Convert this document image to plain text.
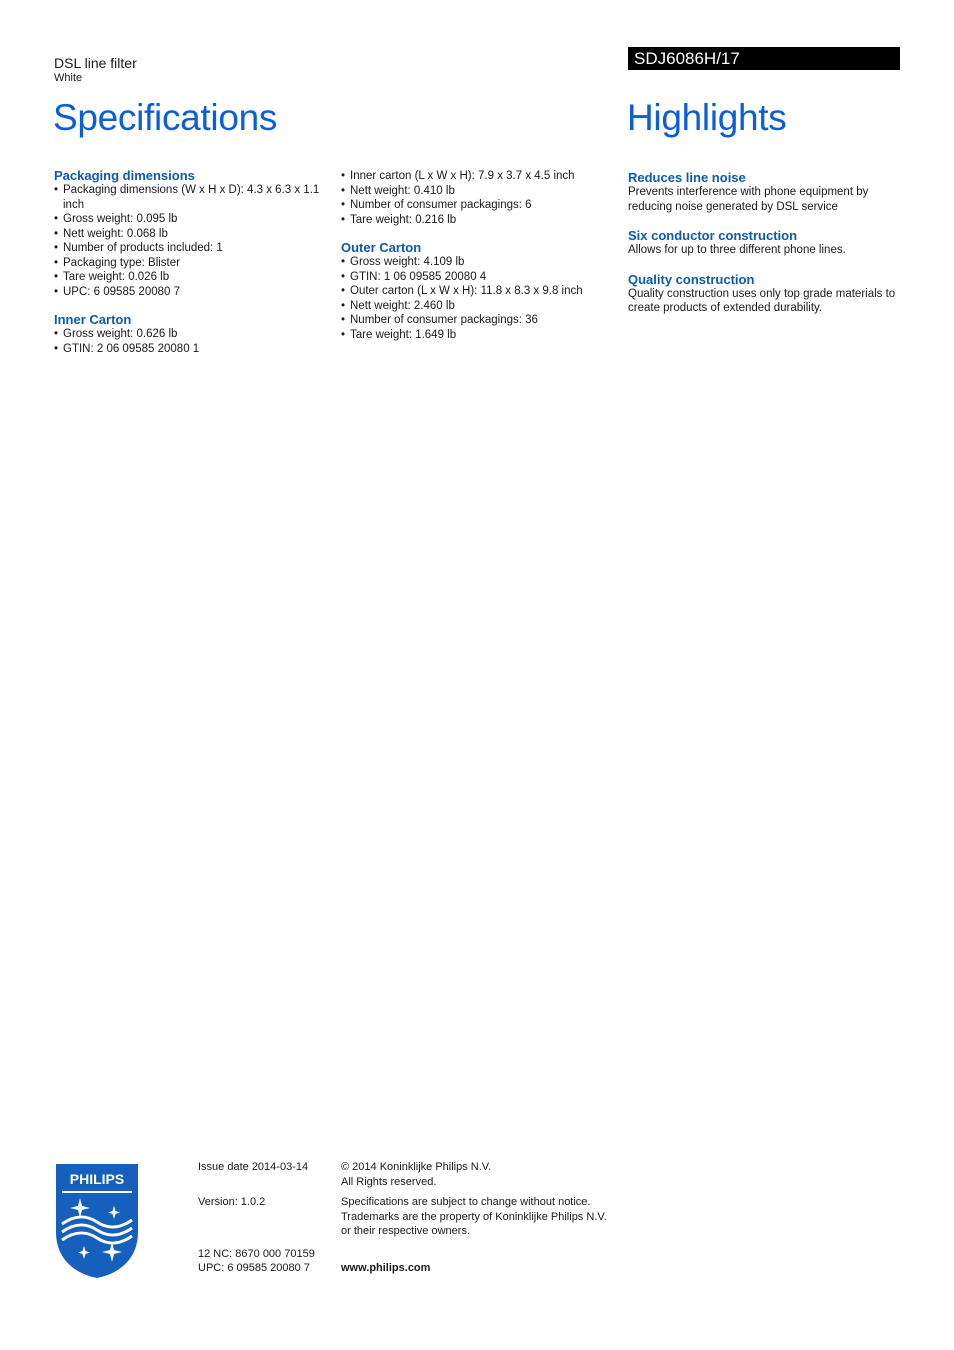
DSL line filter
White
SDJ6086H/17
Specifications	Highlights
Packaging dimensions
• Packaging dimensions (W x H x D): 4.3 x 6.3 x 1.1 inch
• Gross weight: 0.095 lb
• Nett weight: 0.068 lb
• Number of products included: 1
• Packaging type: Blister
• Tare weight: 0.026 lb
• UPC: 6 09585 20080 7
Inner Carton
• Gross weight: 0.626 lb
• GTIN: 2 06 09585 20080 1
• Inner carton (L x W x H): 7.9 x 3.7 x 4.5 inch
• Nett weight: 0.410 lb
• Number of consumer packagings: 6
• Tare weight: 0.216 lb
Outer Carton
• Gross weight: 4.109 lb
• GTIN: 1 06 09585 20080 4
• Outer carton (L x W x H): 11.8 x 8.3 x 9.8 inch
• Nett weight: 2.460 lb
• Number of consumer packagings: 36
• Tare weight: 1.649 lb
Reduces line noise

Prevents interference with phone equipment by reducing noise generated by DSL service

Six conductor construction

Allows for up to three different phone lines.

Quality construction

Quality construction uses only top grade materials to create products of extended durability.

PHILIPS
Issue date 2014-03-14
Version: 1.0.2
12 NC: 8670 000 70159
UPC: 6 09585 20080 7
© 2014 Koninklijke Philips N.V.
All Rights reserved.
Specifications are subject to change without notice.
Trademarks are the property of Koninklijke Philips N.V.
or their respective owners.
www.philips.com
